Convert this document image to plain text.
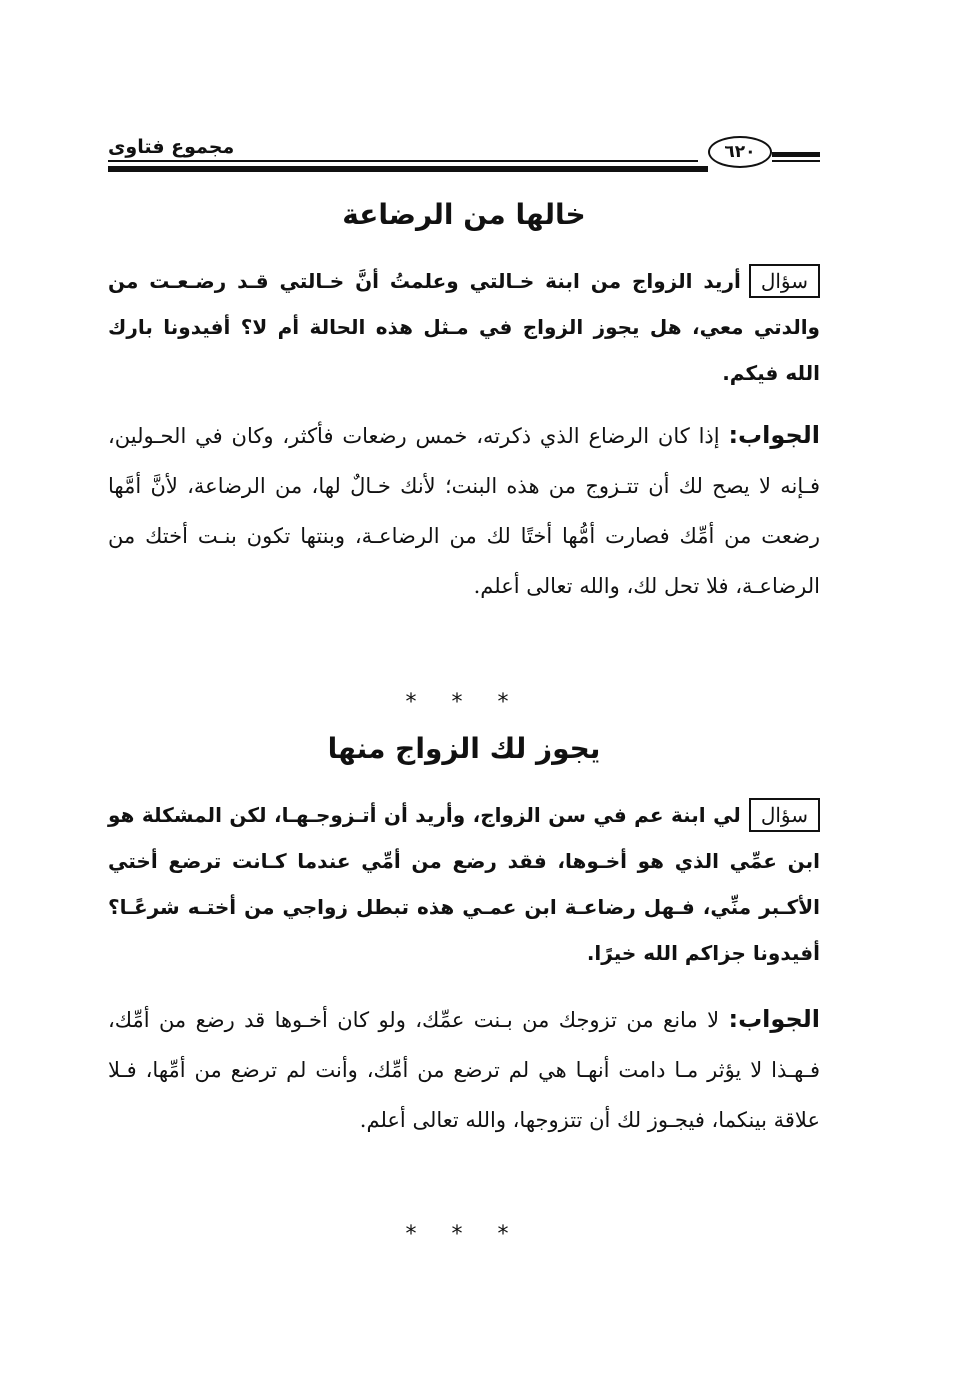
مجموع فتاوى	٦٢٠
خالها من الرضاعة
سؤالأريد الزواج من ابنة خـالتي وعلمتُ أنَّ خـالتي قـد رضـعـت من والدتي معي، هل يجوز الزواج في مـثل هذه الحالة أم لا؟ أفيدونا بارك الله فيكم.
الجواب: إذا كان الرضاع الذي ذكرته، خمس رضعات فأكثر، وكان في الحـولين، فـإنه لا يصح لك أن تتـزوج من هذه البنت؛ لأنك خـالٌ لها، من الرضاعة، لأنَّ أمَّها رضعت من أمِّك فصارت أمُّها أختًا لك من الرضاعـة، وبنتها تكون بنـت أختك من الرضاعـة، فلا تحل لك، والله تعالى أعلم.
* * *
يجوز لك الزواج منها
سؤاللي ابنة عم في سن الزواج، وأريد أن أتـزوجـهـا، لكن المشكلة هو ابن عمِّي الذي هو أخـوها، فقد رضع من أمِّي عندما كـانت ترضع أختي الأكـبر منِّي، فـهل رضاعـة ابن عمـي هذه تبطل زواجي من أختـه شرعًـا؟ أفيدونا جزاكم الله خيرًا.
الجواب: لا مانع من تزوجك من بـنت عمِّك، ولو كان أخـوها قد رضع من أمِّك، فـهـذا لا يؤثر مـا دامت أنهـا هي لم ترضع من أمِّك، وأنت لم ترضع من أمِّها، فـلا علاقة بينكما، فيجـوز لك أن تتزوجها، والله تعالى أعلم.
* * *
